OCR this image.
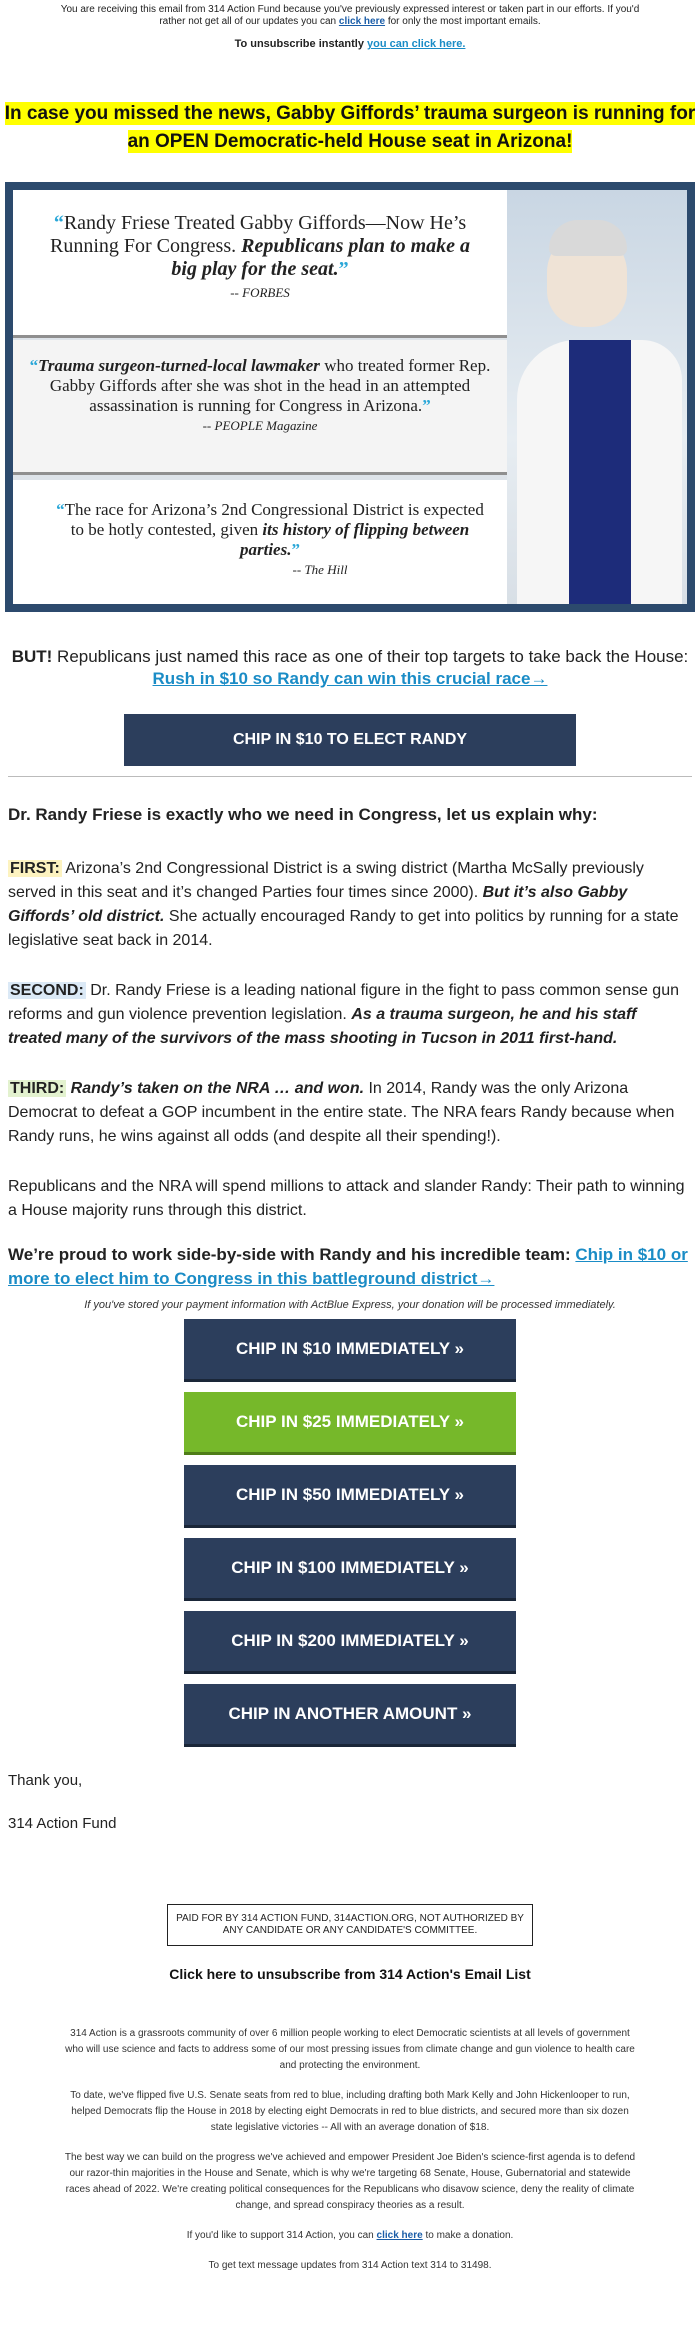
You are receiving this email from 314 Action Fund because you've previously expressed interest or taken part in our efforts. If you'd rather not get all of our updates you can click here for only the most important emails.
To unsubscribe instantly you can click here.
In case you missed the news, Gabby Giffords’ trauma surgeon is running for an OPEN Democratic-held House seat in Arizona!
“Randy Friese Treated Gabby Giffords—Now He’s Running For Congress. Republicans plan to make a big play for the seat.”
-- FORBES
“Trauma surgeon-turned-local lawmaker who treated former Rep. Gabby Giffords after she was shot in the head in an attempted assassination is running for Congress in Arizona.”
-- PEOPLE Magazine
“The race for Arizona’s 2nd Congressional District is expected to be hotly contested, given its history of flipping between parties.”
-- The Hill
BUT! Republicans just named this race as one of their top targets to take back the House:
Rush in $10 so Randy can win this crucial race→
CHIP IN $10 TO ELECT RANDY
Dr. Randy Friese is exactly who we need in Congress, let us explain why:
FIRST: Arizona’s 2nd Congressional District is a swing district (Martha McSally previously served in this seat and it’s changed Parties four times since 2000). But it’s also Gabby Giffords’ old district. She actually encouraged Randy to get into politics by running for a state legislative seat back in 2014.
SECOND: Dr. Randy Friese is a leading national figure in the fight to pass common sense gun reforms and gun violence prevention legislation. As a trauma surgeon, he and his staff treated many of the survivors of the mass shooting in Tucson in 2011 first-hand.
THIRD: Randy’s taken on the NRA … and won. In 2014, Randy was the only Arizona Democrat to defeat a GOP incumbent in the entire state. The NRA fears Randy because when Randy runs, he wins against all odds (and despite all their spending!).
Republicans and the NRA will spend millions to attack and slander Randy: Their path to winning a House majority runs through this district.
We’re proud to work side-by-side with Randy and his incredible team: Chip in $10 or more to elect him to Congress in this battleground district→
If you've stored your payment information with ActBlue Express, your donation will be processed immediately.
CHIP IN $10 IMMEDIATELY »
CHIP IN $25 IMMEDIATELY »
CHIP IN $50 IMMEDIATELY »
CHIP IN $100 IMMEDIATELY »
CHIP IN $200 IMMEDIATELY »
CHIP IN ANOTHER AMOUNT »
Thank you,
314 Action Fund
PAID FOR BY 314 ACTION FUND, 314ACTION.ORG, NOT AUTHORIZED BY ANY CANDIDATE OR ANY CANDIDATE'S COMMITTEE.
Click here to unsubscribe from 314 Action's Email List

314 Action is a grassroots community of over 6 million people working to elect Democratic scientists at all levels of government who will use science and facts to address some of our most pressing issues from climate change and gun violence to health care and protecting the environment.

To date, we've flipped five U.S. Senate seats from red to blue, including drafting both Mark Kelly and John Hickenlooper to run, helped Democrats flip the House in 2018 by electing eight Democrats in red to blue districts, and secured more than six dozen state legislative victories -- All with an average donation of $18.

The best way we can build on the progress we've achieved and empower President Joe Biden's science-first agenda is to defend our razor-thin majorities in the House and Senate, which is why we're targeting 68 Senate, House, Gubernatorial and statewide races ahead of 2022. We're creating political consequences for the Republicans who disavow science, deny the reality of climate change, and spread conspiracy theories as a result.

If you'd like to support 314 Action, you can click here to make a donation.

To get text message updates from 314 Action text 314 to 31498.
